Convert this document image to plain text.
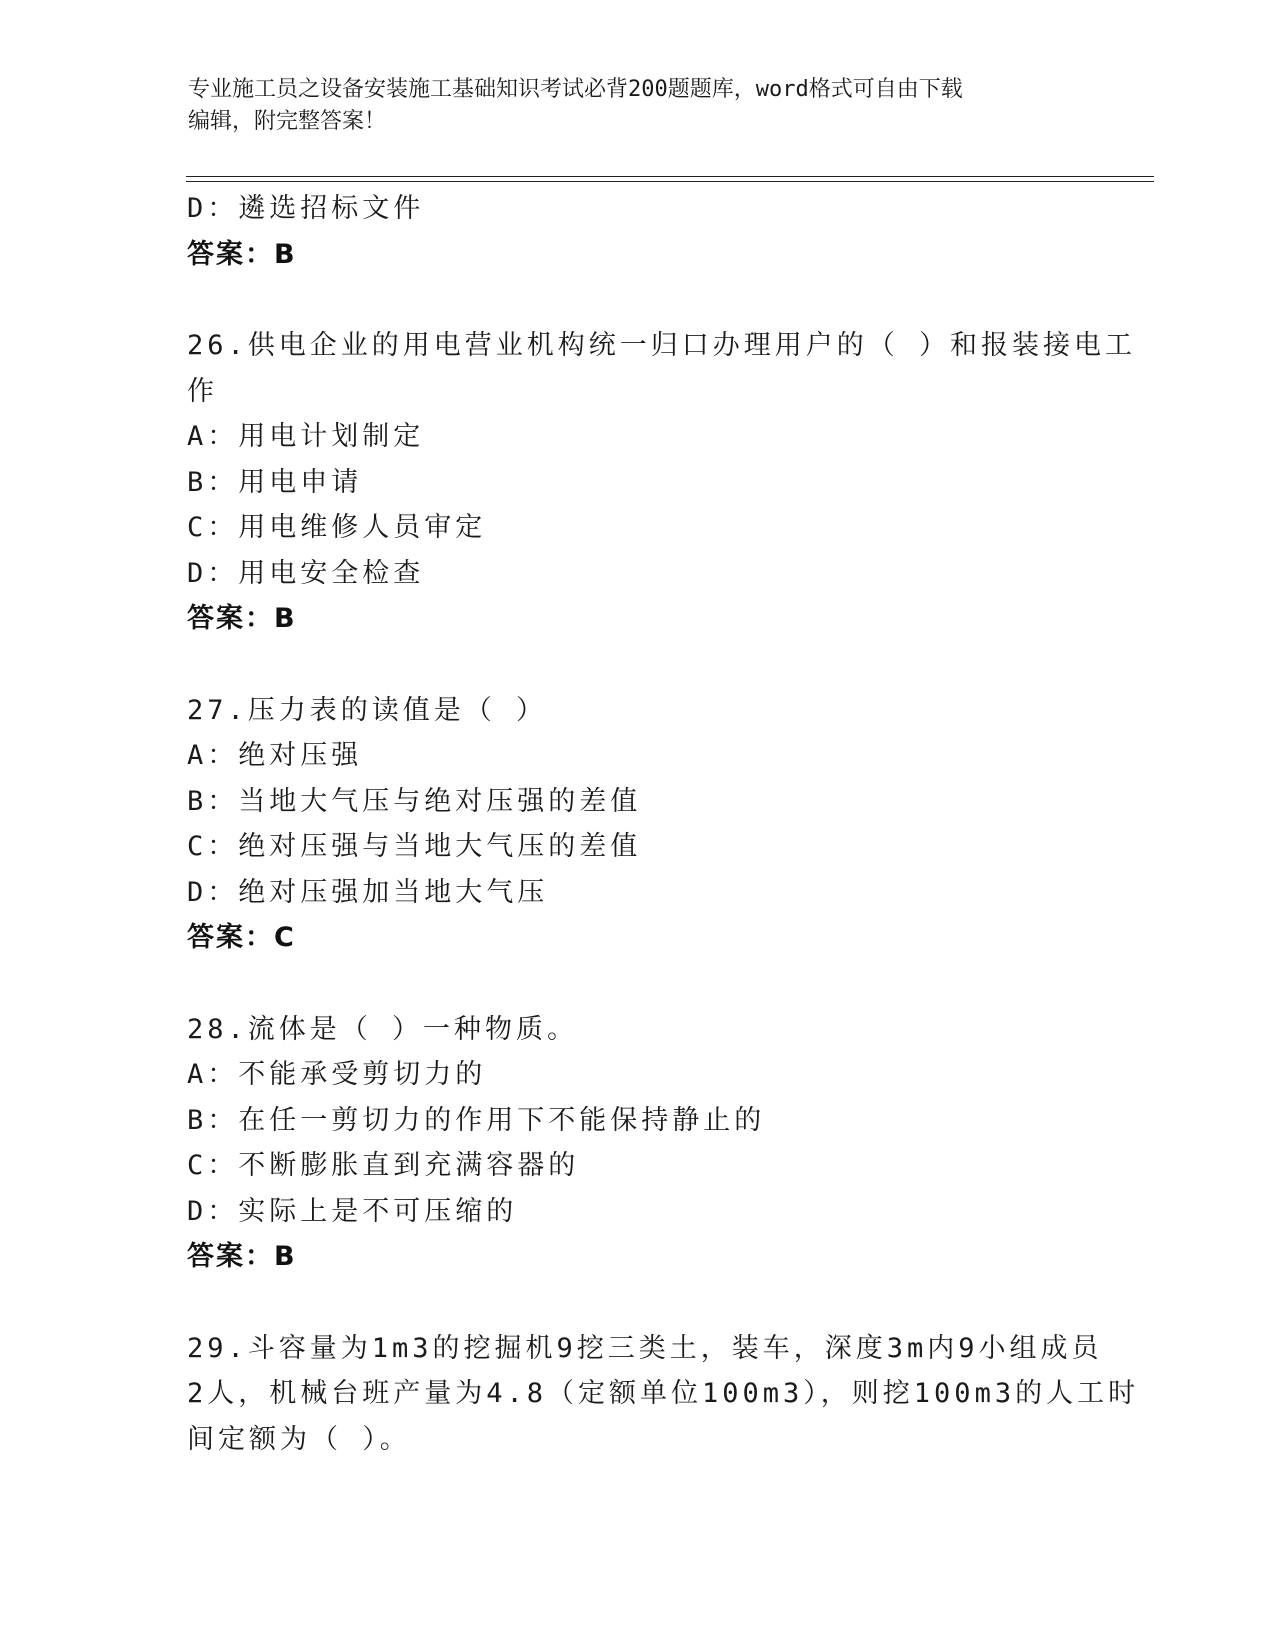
专业施工员之设备安装施工基础知识考试必背200题题库，word格式可自由下载
编辑，附完整答案！
D：遴选招标文件
答案：B
26.供电企业的用电营业机构统一归口办理用户的（ ）和报装接电工
作
A：用电计划制定
B：用电申请
C：用电维修人员审定
D：用电安全检查
答案：B
27.压力表的读值是（ ）
A：绝对压强
B：当地大气压与绝对压强的差值
C：绝对压强与当地大气压的差值
D：绝对压强加当地大气压
答案：C
28.流体是（ ）一种物质。
A：不能承受剪切力的
B：在任一剪切力的作用下不能保持静止的
C：不断膨胀直到充满容器的
D：实际上是不可压缩的
答案：B
29.斗容量为1m3的挖掘机9挖三类土，装车，深度3m内9小组成员
2人，机械台班产量为4.8（定额单位100m3），则挖100m3的人工时
间定额为（ ）。
